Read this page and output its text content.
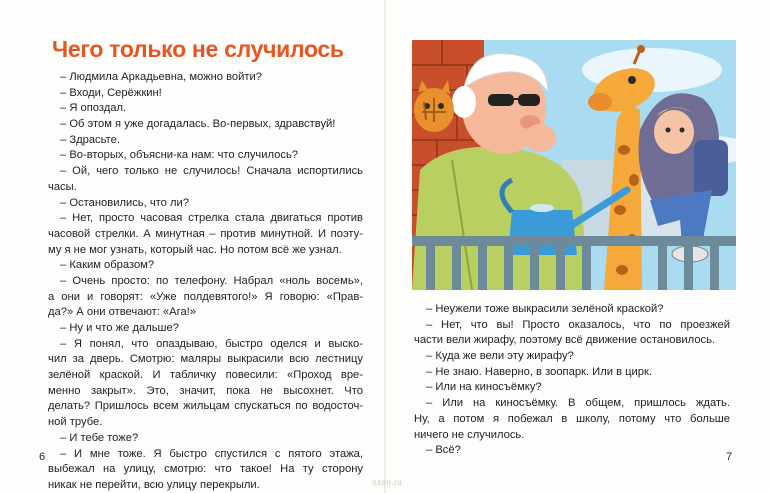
Чего только не случилось
– Людмила Аркадьевна, можно войти?
– Входи, Серёжкин!
– Я опоздал.
– Об этом я уже догадалась. Во-первых, здравствуй!
– Здрасьте.
– Во-вторых, объясни-ка нам: что случилось?
– Ой, чего только не случилось! Сначала испортились
часы.
– Остановились, что ли?
– Нет, просто часовая стрелка стала двигаться против
часовой стрелки. А минутная – против минутной. И поэту-
му я не мог узнать, который час. Но потом всё же узнал.
– Каким образом?
– Очень просто: по телефону. Набрал «ноль восемь»,
а они и говорят: «Уже полдевятого!» Я говорю: «Прав-
да?» А они отвечают: «Ага!»
– Ну и что же дальше?
– Я понял, что опаздываю, быстро оделся и выско-
чил за дверь. Смотрю: маляры выкрасили всю лестницу
зелёной краской. И табличку повесили: «Проход вре-
менно закрыт». Это, значит, пока не высохнет. Что
делать? Пришлось всем жильцам спускаться по водосточ-
ной трубе.
– И тебе тоже?
– И мне тоже. Я быстро спустился с пятого этажа,
выбежал на улицу, смотрю: что такое! На ту сторону
никак не перейти, всю улицу перекрыли.
– Неужели тоже выкрасили зелёной краской?
– Нет, что вы! Просто оказалось, что по проезжей
части вели жирафу, поэтому всё движение остановилось.
– Куда же вели эту жирафу?
– Не знаю. Наверно, в зоопарк. Или в цирк.
– Или на киносъёмку?
– Или на киносъёмку. В общем, пришлось ждать.
Ну, а потом я побежал в школу, потому что больше
ничего не случилось.
– Всё?
6	7
ozon.ru
